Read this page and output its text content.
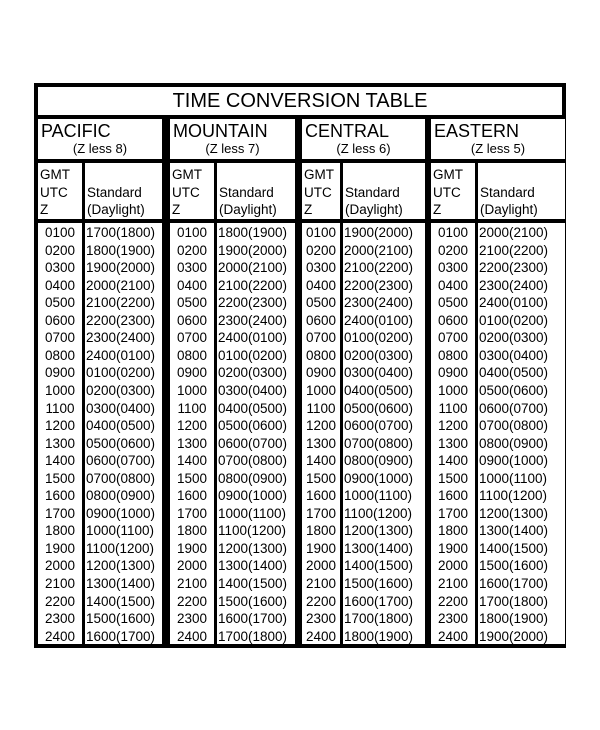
TIME CONVERSION TABLE
PACIFIC
(Z less 8)
GMT
UTC
Z
Standard
(Daylight)
0100
0200
0300
0400
0500
0600
0700
0800
0900
1000
1100
1200
1300
1400
1500
1600
1700
1800
1900
2000
2100
2200
2300
2400
1700(1800)
1800(1900)
1900(2000)
2000(2100)
2100(2200)
2200(2300)
2300(2400)
2400(0100)
0100(0200)
0200(0300)
0300(0400)
0400(0500)
0500(0600)
0600(0700)
0700(0800)
0800(0900)
0900(1000)
1000(1100)
1100(1200)
1200(1300)
1300(1400)
1400(1500)
1500(1600)
1600(1700)
MOUNTAIN
(Z less 7)
GMT
UTC
Z
Standard
(Daylight)
0100
0200
0300
0400
0500
0600
0700
0800
0900
1000
1100
1200
1300
1400
1500
1600
1700
1800
1900
2000
2100
2200
2300
2400
1800(1900)
1900(2000)
2000(2100)
2100(2200)
2200(2300)
2300(2400)
2400(0100)
0100(0200)
0200(0300)
0300(0400)
0400(0500)
0500(0600)
0600(0700)
0700(0800)
0800(0900)
0900(1000)
1000(1100)
1100(1200)
1200(1300)
1300(1400)
1400(1500)
1500(1600)
1600(1700)
1700(1800)
CENTRAL
(Z less 6)
GMT
UTC
Z
Standard
(Daylight)
0100
0200
0300
0400
0500
0600
0700
0800
0900
1000
1100
1200
1300
1400
1500
1600
1700
1800
1900
2000
2100
2200
2300
2400
1900(2000)
2000(2100)
2100(2200)
2200(2300)
2300(2400)
2400(0100)
0100(0200)
0200(0300)
0300(0400)
0400(0500)
0500(0600)
0600(0700)
0700(0800)
0800(0900)
0900(1000)
1000(1100)
1100(1200)
1200(1300)
1300(1400)
1400(1500)
1500(1600)
1600(1700)
1700(1800)
1800(1900)
EASTERN
(Z less 5)
GMT
UTC
Z
Standard
(Daylight)
0100
0200
0300
0400
0500
0600
0700
0800
0900
1000
1100
1200
1300
1400
1500
1600
1700
1800
1900
2000
2100
2200
2300
2400
2000(2100)
2100(2200)
2200(2300)
2300(2400)
2400(0100)
0100(0200)
0200(0300)
0300(0400)
0400(0500)
0500(0600)
0600(0700)
0700(0800)
0800(0900)
0900(1000)
1000(1100)
1100(1200)
1200(1300)
1300(1400)
1400(1500)
1500(1600)
1600(1700)
1700(1800)
1800(1900)
1900(2000)
